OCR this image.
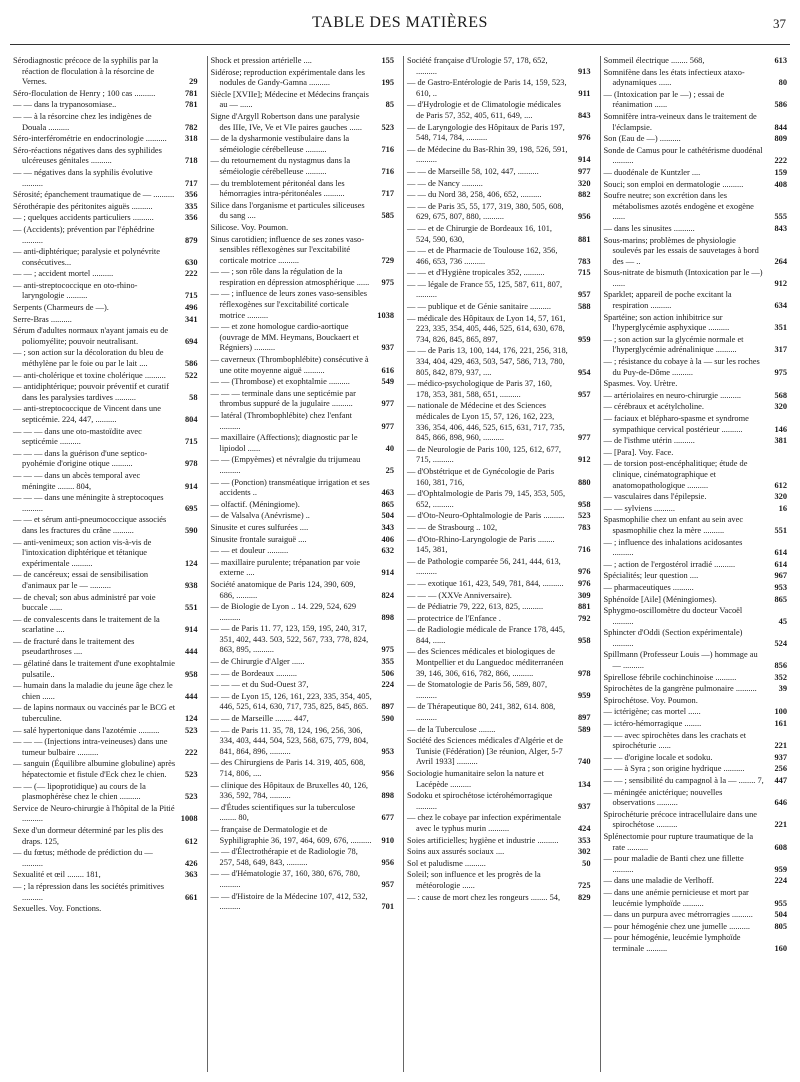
TABLE DES MATIÈRES	37
Sérodiagnostic précoce de la syphilis par la réaction de floculation à la résorcine de Vernes.	29
Séro-floculation de Henry ; 100 cas ..........	781
— — dans la trypanosomiase..	781
— — à la résorcine chez les indigènes de Douala ..........	782
Séro-interférométrie en endocrinologie ..........	318
Séro-réactions négatives dans des syphilides ulcéreuses génitales ..........	718
— — négatives dans la syphilis évolutive ..........	717
Sérosité; épanchement traumatique de — ..........	356
Sérothérapie des péritonites aiguës ..........	335
— ; quelques accidents particuliers ..........	356
— (Accidents); prévention par l'éphédrine ..........	879
— anti-diphtérique; paralysie et polynévrite consécutives...	630
— — ; accident mortel ..........	222
— anti-streptococcique en oto-rhino-laryngologie ..........	715
Serpents (Charmeurs de —).	496
Serre-Bras ..........	341
Sérum d'adultes normaux n'ayant jamais eu de poliomyélite; pouvoir neutralisant.	694
— ; son action sur la décoloration du bleu de méthylène par le foie ou par le lait ....	586
— anti-cholérique et toxine cholérique ..........	522
— antidiphtérique; pouvoir préventif et curatif dans les paralysies tardives ..........	58
— anti-streptococcique de Vincent dans une septicémie. 224, 447, ..........	804
— — — dans une oto-mastoïdite avec septicémie ..........	715
— — — dans la guérison d'une septico-pyohémie d'origine otique ..........	978
— — — dans un abcès temporal avec méningite ........ 804,	914
— — — dans une méningite à streptocoques ..........	695
— — et sérum anti-pneumococcique associés dans les fractures du crâne ..........	590
— anti-venimeux; son action vis-à-vis de l'intoxication diphtérique et tétanique expérimentale ..........	124
— de cancéreux; essai de sensibilisation d'animaux par le — ..........	938
— de cheval; son abus administré par voie buccale ......	551
— de convalescents dans le traitement de la scarlatine ....	914
— de fracturé dans le traitement des pseudarthroses ....	444
— gélatiné dans le traitement d'une exophtalmie pulsatile..	958
— humain dans la maladie du jeune âge chez le chien ......	444
— de lapins normaux ou vaccinés par le BCG et tuberculine.	124
— salé hypertonique dans l'azotémie ..........	523
— — — (Injections intra-veineuses) dans une tumeur bulbaire ..........	222
— sanguin (Équilibre albumine globuline) après hépatectomie et fistule d'Eck chez le chien.	523
— — (— lipoprotidique) au cours de la plasmophérèse chez le chien ..........	523
Service de Neuro-chirurgie à l'hôpital de la Pitié ..........	1008
Sexe d'un dormeur déterminé par les plis des draps. 125,	612
— du fœtus; méthode de prédiction du — ..........	426
Sexualité et œil ........ 181,	363
— ; la répression dans les sociétés primitives ..........	661
Sexuelles. Voy. Fonctions.
Shock et pression artérielle ....	155
Sidérose; reproduction expérimentale dans les nodules de Gandy-Gamna ..........	195
Siècle [XVIIe]; Médecine et Médecins français au — ......	85
Signe d'Argyll Robertson dans une paralysie des IIIe, IVe, Ve et VIe paires gauches ......	523
— de la dysharmonie vestibulaire dans la séméiologie cérébelleuse ..........	716
— du retournement du nystagmus dans la séméiologie cérébelleuse ..........	716
— du tremblotement péritonéal dans les hémorragies intra-péritonéales ..........	717
Silice dans l'organisme et particules siliceuses du sang ....	585
Silicose. Voy. Poumon.
Sinus carotidien; influence de ses zones vaso-sensibles réflexogènes sur l'excitabilité corticale motrice ..........	729
— — ; son rôle dans la régulation de la respiration en dépression atmosphérique ......	975
— — ; influence de leurs zones vaso-sensibles réflexogènes sur l'excitabilité corticale motrice ..........	1038
— — et zone homologue cardio-aortique (ouvrage de MM. Heymans, Bouckaert et Régniers) ..........	937
— caverneux (Thrombophlébite) consécutive à une otite moyenne aiguë ..........	616
— — (Thrombose) et exophtalmie ..........	549
— — — terminale dans une septicémie par thrombus suppuré de la jugulaire ..........	977
— latéral (Thrombophlébite) chez l'enfant ..........	977
— maxillaire (Affections); diagnostic par le lipiodol ......	40
— — (Empyèmes) et névralgie du trijumeau ..........	25
— — (Ponction) transméatique irrigation et ses accidents ..	463
— olfactif. (Méningiome).	865
— de Valsalva (Anévrisme) ..	504
Sinusite et cures sulfurées ....	343
Sinusite frontale suraiguë ....	406
— — et douleur ..........	632
— maxillaire purulente; trépanation par voie externe ....	914
Société anatomique de Paris 124, 390, 609, 686, ..........	824
— de Biologie de Lyon .. 14. 229, 524, 629 ..........	898
— — de Paris 11. 77, 123, 159, 195, 240, 317, 351, 402, 443. 503, 522, 567, 733, 778, 824, 863, 895, ..........	975
— de Chirurgie d'Alger ......	355
— — de Bordeaux ..........	506
— — — et du Sud-Ouest 37,	224
— — de Lyon 15, 126, 161, 223, 335, 354, 405, 446, 525, 614, 630, 717, 735, 825, 845, 865.	897
— — de Marseille ........ 447,	590
— — de Paris 11. 35, 78, 124, 196, 256, 306, 334, 403, 444, 504, 523, 568, 675, 779, 804, 841, 864, 896, ..........	953
— des Chirurgiens de Paris 14. 319, 405, 608, 714, 806, ....	956
— clinique des Hôpitaux de Bruxelles 40, 126, 336, 592, 784, ..........	898
— d'Études scientifiques sur la tuberculose ........ 80,	677
— française de Dermatologie et de Syphiligraphie 36, 197, 464, 609, 676, ..........	910
— — d'Électrothérapie et de Radiologie 78, 257, 548, 649, 843, ..........	956
— — d'Hématologie 37, 160, 380, 676, 780, ..........	957
— — d'Histoire de la Médecine 107, 412, 532, ..........	701
Société française d'Urologie 57, 178, 652, ..........	913
— de Gastro-Entérologie de Paris 14, 159, 523, 610, ..	911
— d'Hydrologie et de Climatologie médicales de Paris 57, 352, 405, 611, 649, ....	843
— de Laryngologie des Hôpitaux de Paris 197, 548, 714, 784, ..........	976
— de Médecine du Bas-Rhin 39, 198, 526, 591, ..........	914
— — de Marseille 58, 102, 447, ..........	977
— — de Nancy ..........	320
— — du Nord 38, 258, 406, 652, ..........	882
— — de Paris 35, 55, 177, 319, 380, 505, 608, 629, 675, 807, 880, ..........	956
— — et de Chirurgie de Bordeaux 16, 101, 524, 590, 630,	881
— — et de Pharmacie de Toulouse 162, 356, 466, 653, 736 ..........	783
— — et d'Hygiène tropicales 352, ..........	715
— — légale de France 55, 125, 587, 611, 807, ..........	957
— — publique et de Génie sanitaire ..........	588
— médicale des Hôpitaux de Lyon 14, 57, 161, 223, 335, 354, 405, 446, 525, 614, 630, 678, 734, 826, 845, 865, 897,	959
— — de Paris 13, 100, 144, 176, 221, 256, 318, 334, 404, 429, 463, 503, 547, 586, 713, 780, 805, 842, 879, 937, ....	954
— médico-psychologique de Paris 37, 160, 178, 353, 381, 588, 651, ..........	957
— nationale de Médecine et des Sciences médicales de Lyon 15, 57, 126, 162, 223, 336, 354, 406, 446, 525, 615, 631, 717, 735, 845, 866, 898, 960, ..........	977
— de Neurologie de Paris 100, 125, 612, 677, 715, ..........	912
— d'Obstétrique et de Gynécologie de Paris 160, 381, 716,	880
— d'Ophtalmologie de Paris 79, 145, 353, 505, 652, ..........	958
— d'Oto-Neuro-Ophtalmologie de Paris ..........	523
— — de Strasbourg .. 102,	783
— d'Oto-Rhino-Laryngologie de Paris ........ 145, 381,	716
— de Pathologie comparée 56, 241, 444, 613, ..........	976
— — exotique 161, 423, 549, 781, 844, ..........	976
— — — (XXVe Anniversaire).	309
— de Pédiatrie 79, 222, 613, 825, ..........	881
— protectrice de l'Enfance .	792
— de Radiologie médicale de France 178, 445, 844, ......	958
— des Sciences médicales et biologiques de Montpellier et du Languedoc méditerranéen 39, 146, 306, 616, 782, 866, ..........	978
— de Stomatologie de Paris 56, 589, 807, ..........	959
— de Thérapeutique 80, 241, 382, 614. 808, ..........	897
— de la Tuberculose ........	589
Société des Sciences médicales d'Algérie et de Tunisie (Fédération) [3e réunion, Alger, 5-7 Avril 1933] ..........	740
Sociologie humanitaire selon la nature et Lacépède ..........	134
Sodoku et spirochétose ictérohémorragique ..........	937
— chez le cobaye par infection expérimentale avec le typhus murin ..........	424
Soies artificielles; hygiène et industrie ..........	353
Soins aux assurés sociaux ....	302
Sol et paludisme ..........	50
Soleil; son influence et les progrès de la météorologie ......	725
— : cause de mort chez les rongeurs ........ 54,	829
Sommeil électrique ........ 568,	613
Somnifène dans les états infectieux ataxo-adynamiques ......	80
— (Intoxication par le —) ; essai de réanimation ......	586
Somnifère intra-veineux dans le traitement de l'éclampsie.	844
Son (Eau de —) ..........	809
Sonde de Camus pour le cathétérisme duodénal ..........	222
— duodénale de Kuntzler ....	159
Souci; son emploi en dermatologie ..........	408
Soufre neutre; son excrétion dans les métabolismes azotés endogène et exogène ......	555
— dans les sinusites ..........	843
Sous-marins; problèmes de physiologie soulevés par les essais de sauvetages à bord des — ..	264
Sous-nitrate de bismuth (Intoxication par le —) ......	912
Sparklet; appareil de poche excitant la respiration ..........	634
Spartéine; son action inhibitrice sur l'hyperglycémie asphyxique ..........	351
— ; son action sur la glycémie normale et l'hyperglycémie adrénalinique ..........	317
— ; résistance du cobaye à la — sur les roches du Puy-de-Dôme ..........	975
Spasmes. Voy. Urètre.
— artériolaires en neuro-chirurgie ..........	568
— cérébraux et acétylcholine.	320
— faciaux et blépharo-spasme et syndrome sympathique cervical postérieur ..........	146
— de l'isthme utérin ..........	381
— [Para]. Voy. Face.
— de torsion post-encéphalitique; étude de clinique, cinématographique et anatomopathologique ..........	612
— vasculaires dans l'épilepsie.	320
— — sylviens ..........	16
Spasmophilie chez un enfant au sein avec spasmophilie chez la mère ..........	551
— ; influence des inhalations acidosantes ..........	614
— ; action de l'ergostérol irradié ..........	614
Spécialités; leur question ....	967
— pharmaceutiques ..........	953
Sphénoïde [Aile] (Méningiomes).	865
Sphygmo-oscillomètre du docteur Vacoël ..........	45
Sphincter d'Oddi (Section expérimentale) ..........	524
Spillmann (Professeur Louis —) hommage au — ..........	856
Spirellose fébrile cochinchinoise ..........	352
Spirochètes de la gangrène pulmonaire ..........	39
Spirochétose. Voy. Poumon.
— ictérigène; cas mortel ......	100
— ictéro-hémorragique ........	161
— — avec spirochètes dans les crachats et spirochéturie ......	221
— — d'origine locale et sodoku.	937
— — à Syra ; son origine hydrique ..........	256
— — ; sensibilité du campagnol à la — ........ 7,	447
— méningée anictérique; nouvelles observations ..........	646
Spirochéturie précoce intracellulaire dans une spirochétose ..........	221
Splénectomie pour rupture traumatique de la rate ..........	608
— pour maladie de Banti chez une fillette ..........	959
— dans une maladie de Verlhoff.	224
— dans une anémie pernicieuse et mort par leucémie lymphoïde ..........	955
— dans un purpura avec métrorragies ..........	504
— pour hémogénie chez une jumelle ..........	805
— pour hémogénie, leucémie lymphoïde terminale ..........	160
